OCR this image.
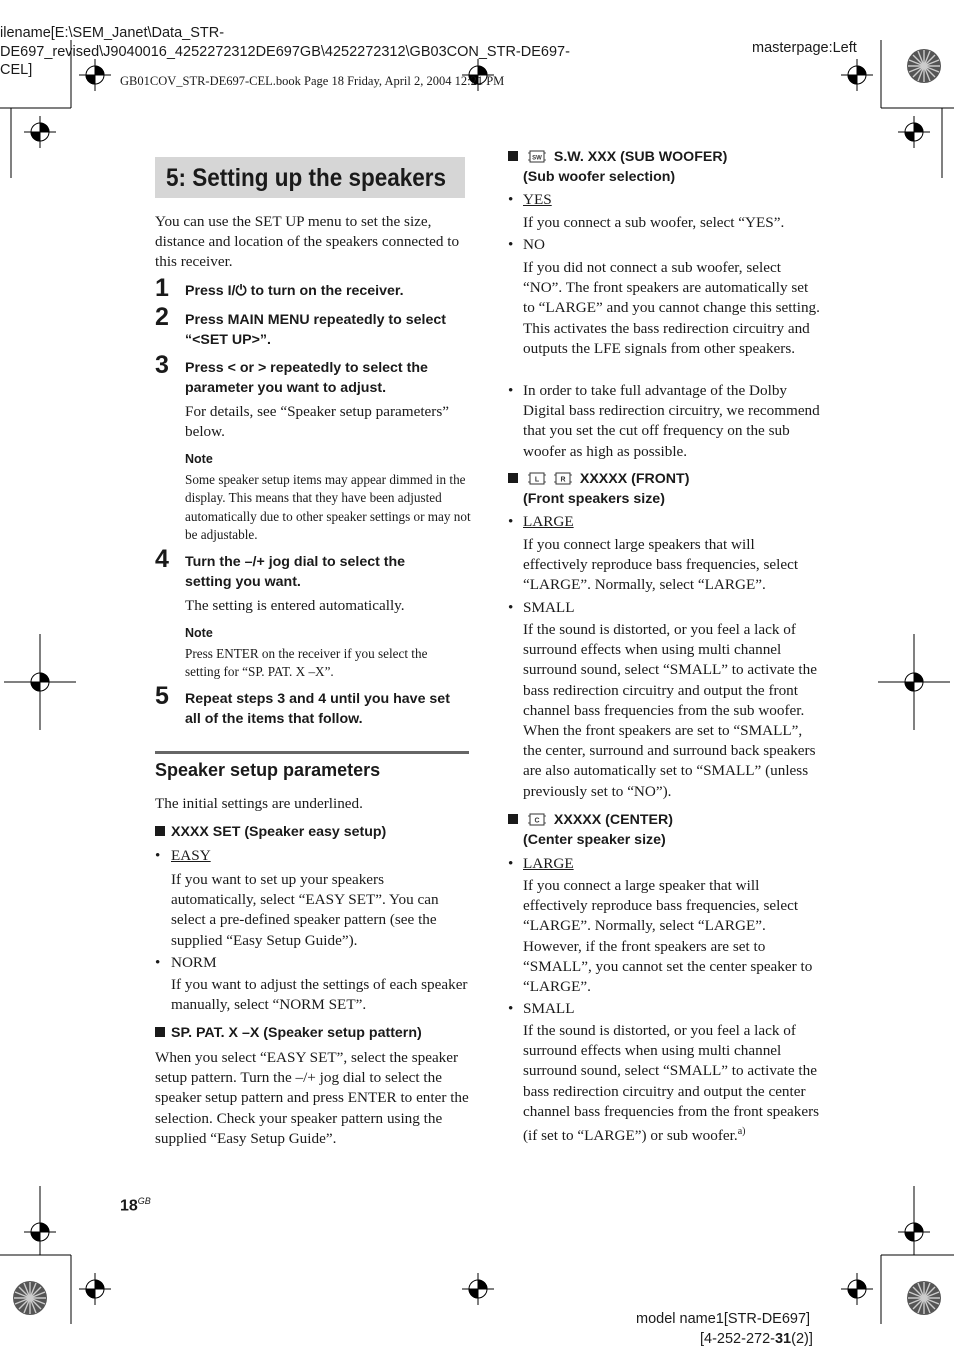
ilename[E:\SEM_Janet\Data_STR-
DE697_revised\J9040016_4252272312DE697GB\4252272312\GB03CON_STR-DE697-
CEL]
masterpage:Left
GB01COV_STR-DE697-CEL.book Page 18 Friday, April 2, 2004 12:21 PM
5: Setting up the speakers
You can use the SET UP menu to set the size, distance and location of the speakers connected to this receiver.
1 Press I/⏻ to turn on the receiver.
2 Press MAIN MENU repeatedly to select
“<SET UP>”.
3 Press < or > repeatedly to select the
parameter you want to adjust.
For details, see “Speaker setup parameters” below.
Note
Some speaker setup items may appear dimmed in the display. This means that they have been adjusted automatically due to other speaker settings or may not be adjustable.
4 Turn the –/+ jog dial to select the
setting you want.
The setting is entered automatically.
Note
Press ENTER on the receiver if you select the setting for “SP. PAT. X –X”.
5 Repeat steps 3 and 4 until you have set
all of the items that follow.
Speaker setup parameters
The initial settings are underlined.
XXXX SET (Speaker easy setup)
• EASY
If you want to set up your speakers automatically, select “EASY SET”. You can select a pre-defined speaker pattern (see the supplied “Easy Setup Guide”).
• NORM
If you want to adjust the settings of each speaker manually, select “NORM SET”.
SP. PAT. X –X (Speaker setup pattern)
When you select “EASY SET”, select the speaker setup pattern. Turn the –/+ jog dial to select the speaker setup pattern and press ENTER to enter the selection. Check your speaker pattern using the supplied “Easy Setup Guide”.
$18^{GB}$

SW S.W. XXX (SUB WOOFER)
(Sub woofer selection)
• YES
If you connect a sub woofer, select “YES”.
• NO
If you did not connect a sub woofer, select “NO”. The front speakers are automatically set to “LARGE” and you cannot change this setting. This activates the bass redirection circuitry and outputs the LFE signals from other speakers.
• In order to take full advantage of the Dolby Digital bass redirection circuitry, we recommend that you set the cut off frequency on the sub woofer as high as possible.

L
	R XXXXX (FRONT)
(Front speakers size)
• LARGE
If you connect large speakers that will effectively reproduce bass frequencies, select “LARGE”. Normally, select “LARGE”.
• SMALL
If the sound is distorted, or you feel a lack of surround effects when using multi channel surround sound, select “SMALL” to activate the bass redirection circuitry and output the front channel bass frequencies from the sub woofer. When the front speakers are set to “SMALL”, the center, surround and surround back speakers are also automatically set to “SMALL” (unless previously set to “NO”).

C XXXXX (CENTER)
(Center speaker size)
• LARGE
If you connect a large speaker that will effectively reproduce bass frequencies, select “LARGE”. Normally, select “LARGE”. However, if the front speakers are set to “SMALL”, you cannot set the center speaker to “LARGE”.
• SMALL
If the sound is distorted, or you feel a lack of surround effects when using multi channel surround sound, select “SMALL” to activate the bass redirection circuitry and output the center channel bass frequencies from the front speakers (if set to “LARGE”) or sub woofer.$^{a)}$
model name1[STR-DE697]
[4-252-272-31(2)]
